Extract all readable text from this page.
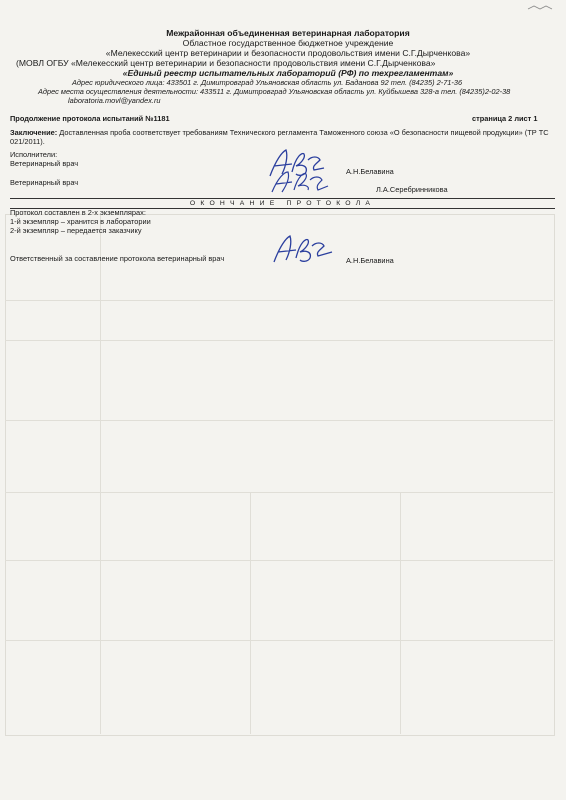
Межрайонная объединенная ветеринарная лаборатория
Областное государственное бюджетное учреждение
«Мелекесский центр ветеринарии и безопасности продовольствия имени С.Г.Дырченкова»
(МОВЛ ОГБУ «Мелекесский центр ветеринарии и безопасности продовольствия имени С.Г.Дырченкова»
«Единый реестр испытательных лабораторий (РФ) по техрегламентам»
Адрес юридического лица: 433501 г. Димитровград Ульяновская область ул. Баданова 92 тел. (84235) 2-71-36
Адрес места осуществления деятельности: 433511 г. Димитровград Ульяновская область ул. Куйбышева 328-а тел. (84235)2-02-38
laboratoria.movl@yandex.ru
Продолжение протокола испытаний №1181	страница 2 лист 1
Заключение: Доставленная проба соответствует требованиям Технического регламента Таможенного союза «О безопасности пищевой продукции» (ТР ТС 021/2011).
Исполнители:
Ветеринарный врач
А.Н.Белавина
Ветеринарный врач
Л.А.Серебринникова
ОКОНЧАНИЕ ПРОТОКОЛА
Протокол составлен в 2-х экземплярах:
1-й экземпляр – хранится в лаборатории
2-й экземпляр – передается заказчику
Ответственный за составление протокола ветеринарный врач	А.Н.Белавина
